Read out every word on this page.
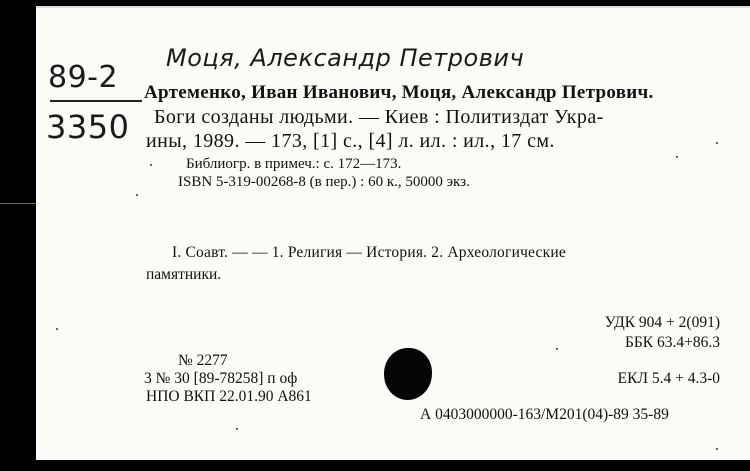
Моця, Александр Петрович
89-2
3350
Артеменко, Иван Иванович, Моця, Александр Петрович.
Боги созданы людьми. — Киев : Политиздат Укра-
ины, 1989. — 173, [1] с., [4] л. ил. : ил., 17 см.
Библиогр. в примеч.: с. 172—173.
ISBN 5-319-00268-8 (в пер.) : 60 к., 50000 экз.
I. Соавт. — — 1. Религия — История. 2. Археологические
памятники.
УДК 904 + 2(091)
ББК 63.4+86.3
№ 2277
3 № 30 [89-78258] п оф
НПО ВКП 22.01.90 A861
ЕКЛ 5.4 + 4.3-0
А 0403000000-163/М201(04)-89 35-89
